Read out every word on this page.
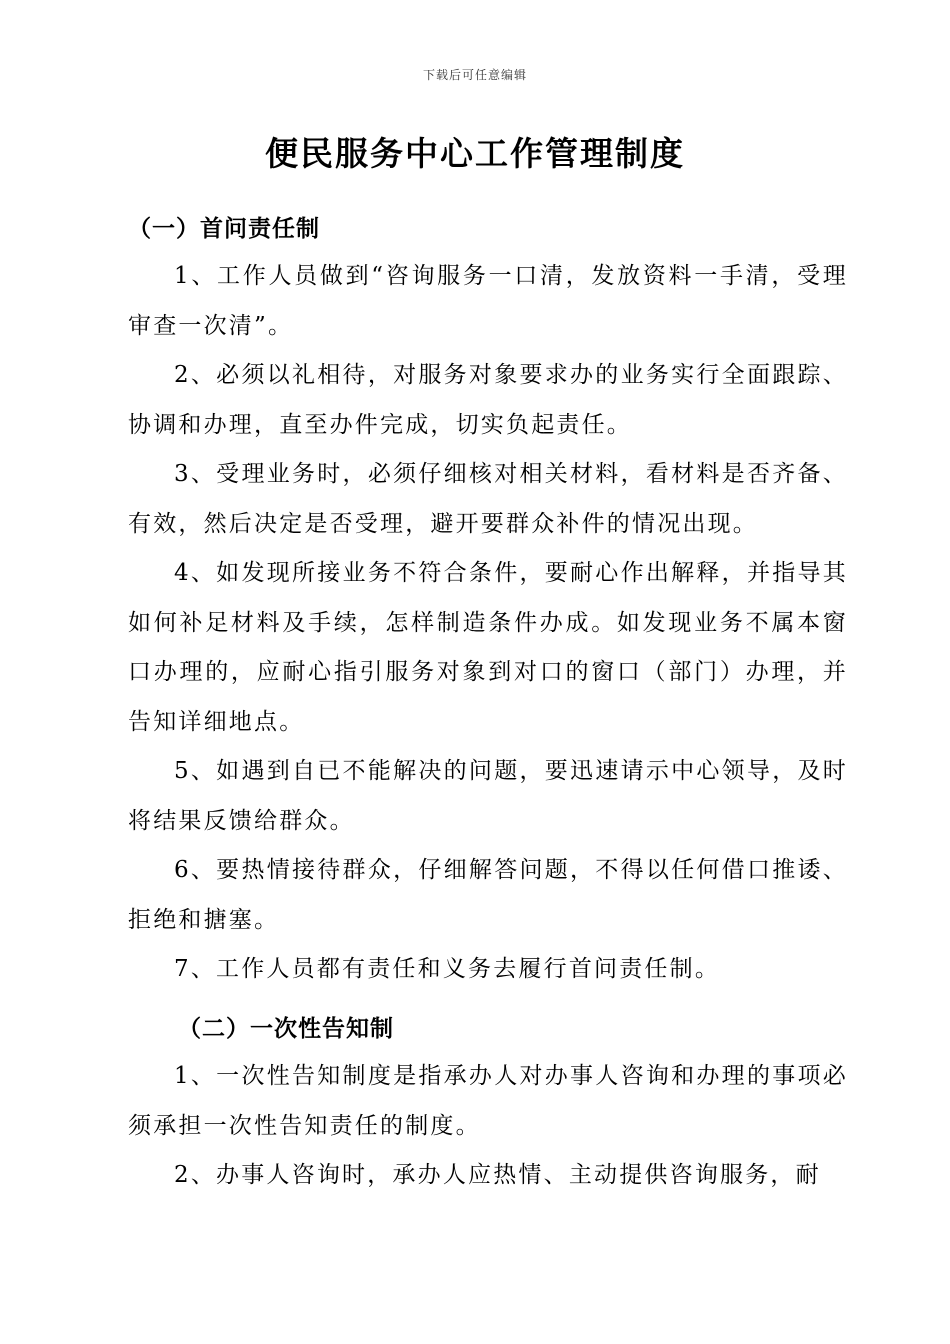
下载后可任意编辑
便民服务中心工作管理制度
（一）首问责任制

1、工作人员做到“咨询服务一口清，发放资料一手清，受理审查一次清”。

2、必须以礼相待，对服务对象要求办的业务实行全面跟踪、协调和办理，直至办件完成，切实负起责任。

3、受理业务时，必须仔细核对相关材料，看材料是否齐备、有效，然后决定是否受理，避开要群众补件的情况出现。

4、如发现所接业务不符合条件，要耐心作出解释，并指导其如何补足材料及手续，怎样制造条件办成。如发现业务不属本窗口办理的，应耐心指引服务对象到对口的窗口（部门）办理，并告知详细地点。

5、如遇到自已不能解决的问题，要迅速请示中心领导，及时将结果反馈给群众。

6、要热情接待群众，仔细解答问题，不得以任何借口推诿、拒绝和搪塞。

7、工作人员都有责任和义务去履行首问责任制。

（二）一次性告知制

1、一次性告知制度是指承办人对办事人咨询和办理的事项必须承担一次性告知责任的制度。

2、办事人咨询时，承办人应热情、主动提供咨询服务，耐
